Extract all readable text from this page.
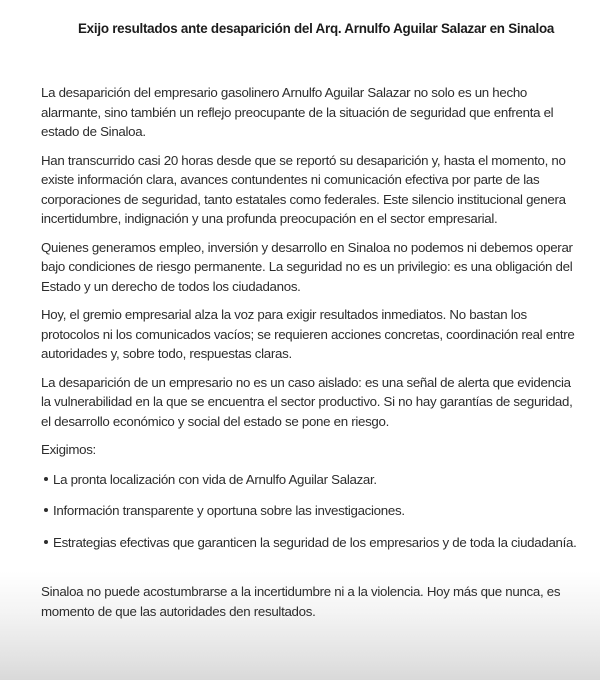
Exijo resultados ante desaparición del Arq. Arnulfo Aguilar Salazar en Sinaloa

La desaparición del empresario gasolinero Arnulfo Aguilar Salazar no solo es un hecho alarmante, sino también un reflejo preocupante de la situación de seguridad que enfrenta el estado de Sinaloa.

Han transcurrido casi 20 horas desde que se reportó su desaparición y, hasta el momento, no existe información clara, avances contundentes ni comunicación efectiva por parte de las corporaciones de seguridad, tanto estatales como federales. Este silencio institucional genera incertidumbre, indignación y una profunda preocupación en el sector empresarial.

Quienes generamos empleo, inversión y desarrollo en Sinaloa no podemos ni debemos operar bajo condiciones de riesgo permanente. La seguridad no es un privilegio: es una obligación del Estado y un derecho de todos los ciudadanos.

Hoy, el gremio empresarial alza la voz para exigir resultados inmediatos. No bastan los protocolos ni los comunicados vacíos; se requieren acciones concretas, coordinación real entre autoridades y, sobre todo, respuestas claras.

La desaparición de un empresario no es un caso aislado: es una señal de alerta que evidencia la vulnerabilidad en la que se encuentra el sector productivo. Si no hay garantías de seguridad, el desarrollo económico y social del estado se pone en riesgo.

Exigimos:

La pronta localización con vida de Arnulfo Aguilar Salazar.
Información transparente y oportuna sobre las investigaciones.
Estrategias efectivas que garanticen la seguridad de los empresarios y de toda la ciudadanía.

Sinaloa no puede acostumbrarse a la incertidumbre ni a la violencia. Hoy más que nunca, es momento de que las autoridades den resultados.
